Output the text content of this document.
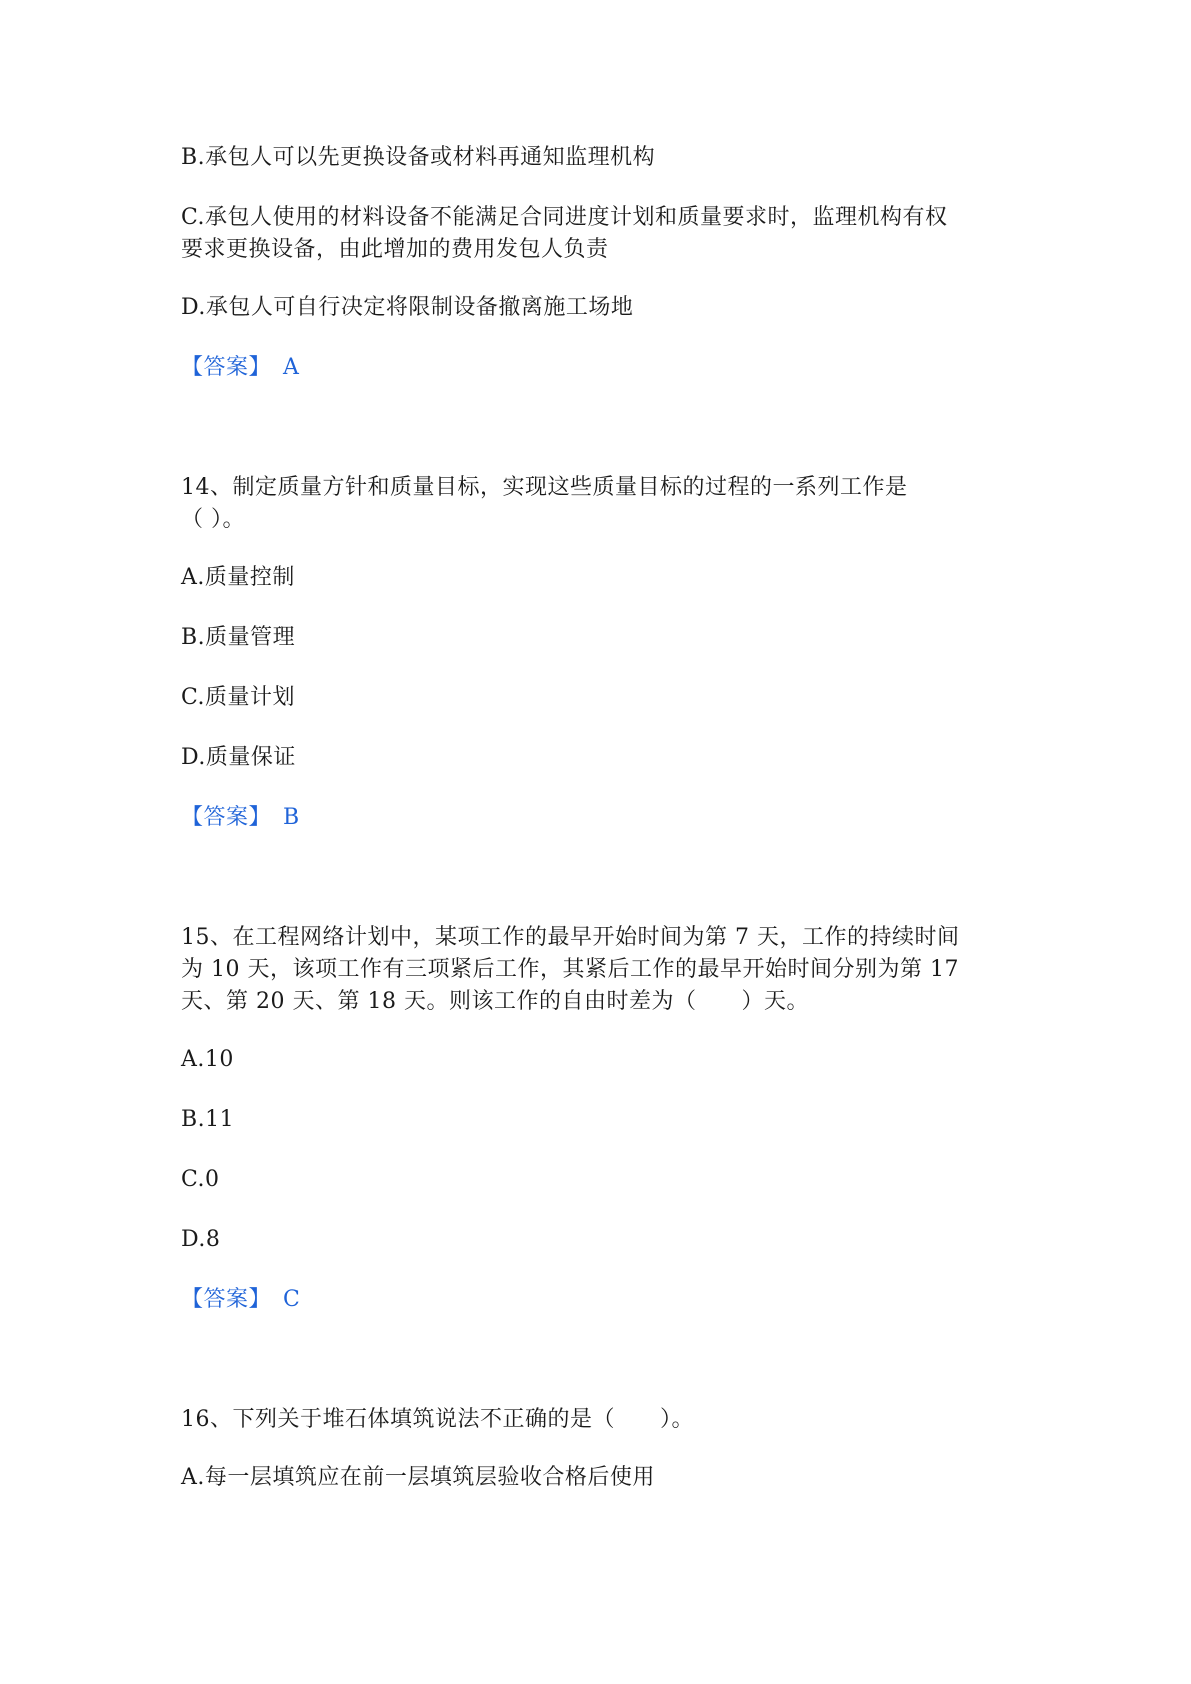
B.承包人可以先更换设备或材料再通知监理机构
C.承包人使用的材料设备不能满足合同进度计划和质量要求时，监理机构有权
要求更换设备，由此增加的费用发包人负责
D.承包人可自行决定将限制设备撤离施工场地
【答案】 A
14、制定质量方针和质量目标，实现这些质量目标的过程的一系列工作是
（ ）。
A.质量控制
B.质量管理
C.质量计划
D.质量保证
【答案】 B
15、在工程网络计划中，某项工作的最早开始时间为第 7 天，工作的持续时间
为 10 天，该项工作有三项紧后工作，其紧后工作的最早开始时间分别为第 17
天、第 20 天、第 18 天。则该工作的自由时差为（　　）天。
A.10
B.11
C.0
D.8
【答案】 C
16、下列关于堆石体填筑说法不正确的是（　　）。
A.每一层填筑应在前一层填筑层验收合格后使用
